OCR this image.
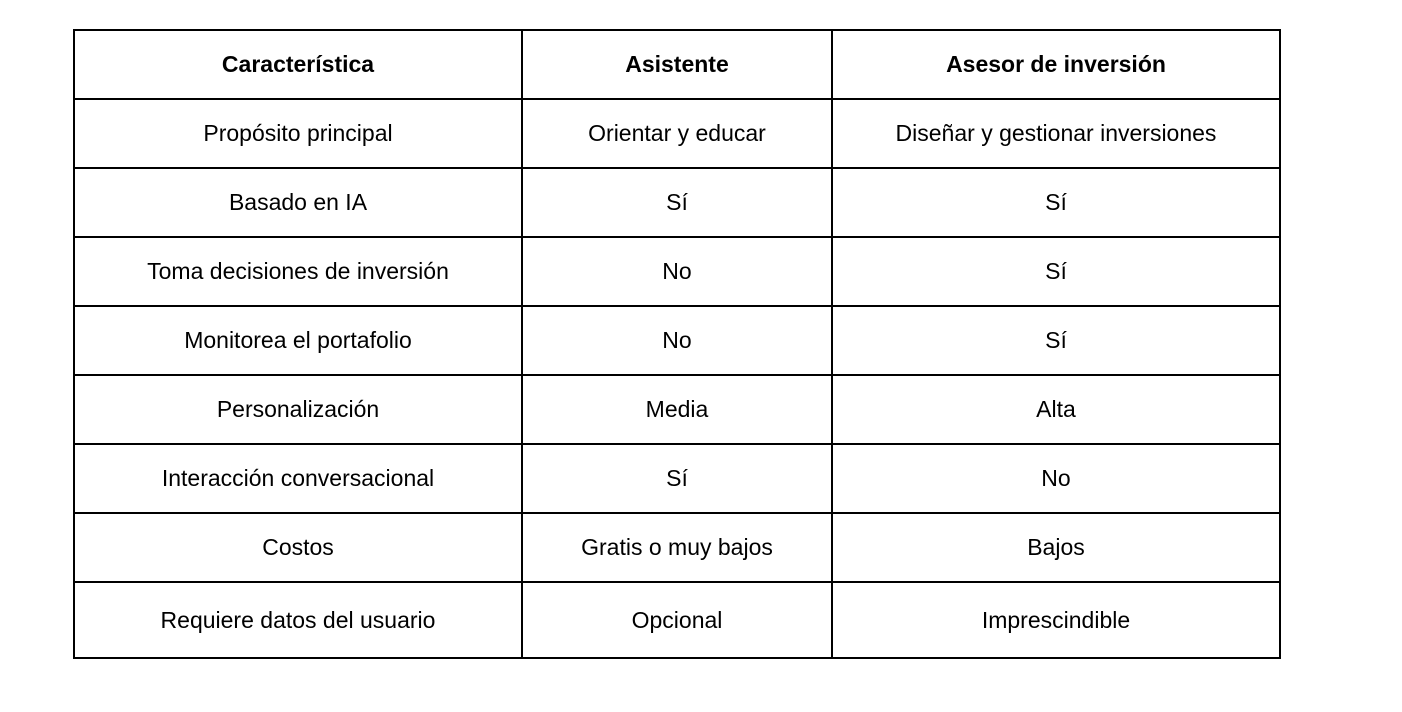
Característica	Asistente	Asesor de inversión
Propósito principal	Orientar y educar	Diseñar y gestionar inversiones
Basado en IA	Sí	Sí
Toma decisiones de inversión	No	Sí
Monitorea el portafolio	No	Sí
Personalización	Media	Alta
Interacción conversacional	Sí	No
Costos	Gratis o muy bajos	Bajos
Requiere datos del usuario	Opcional	Imprescindible
